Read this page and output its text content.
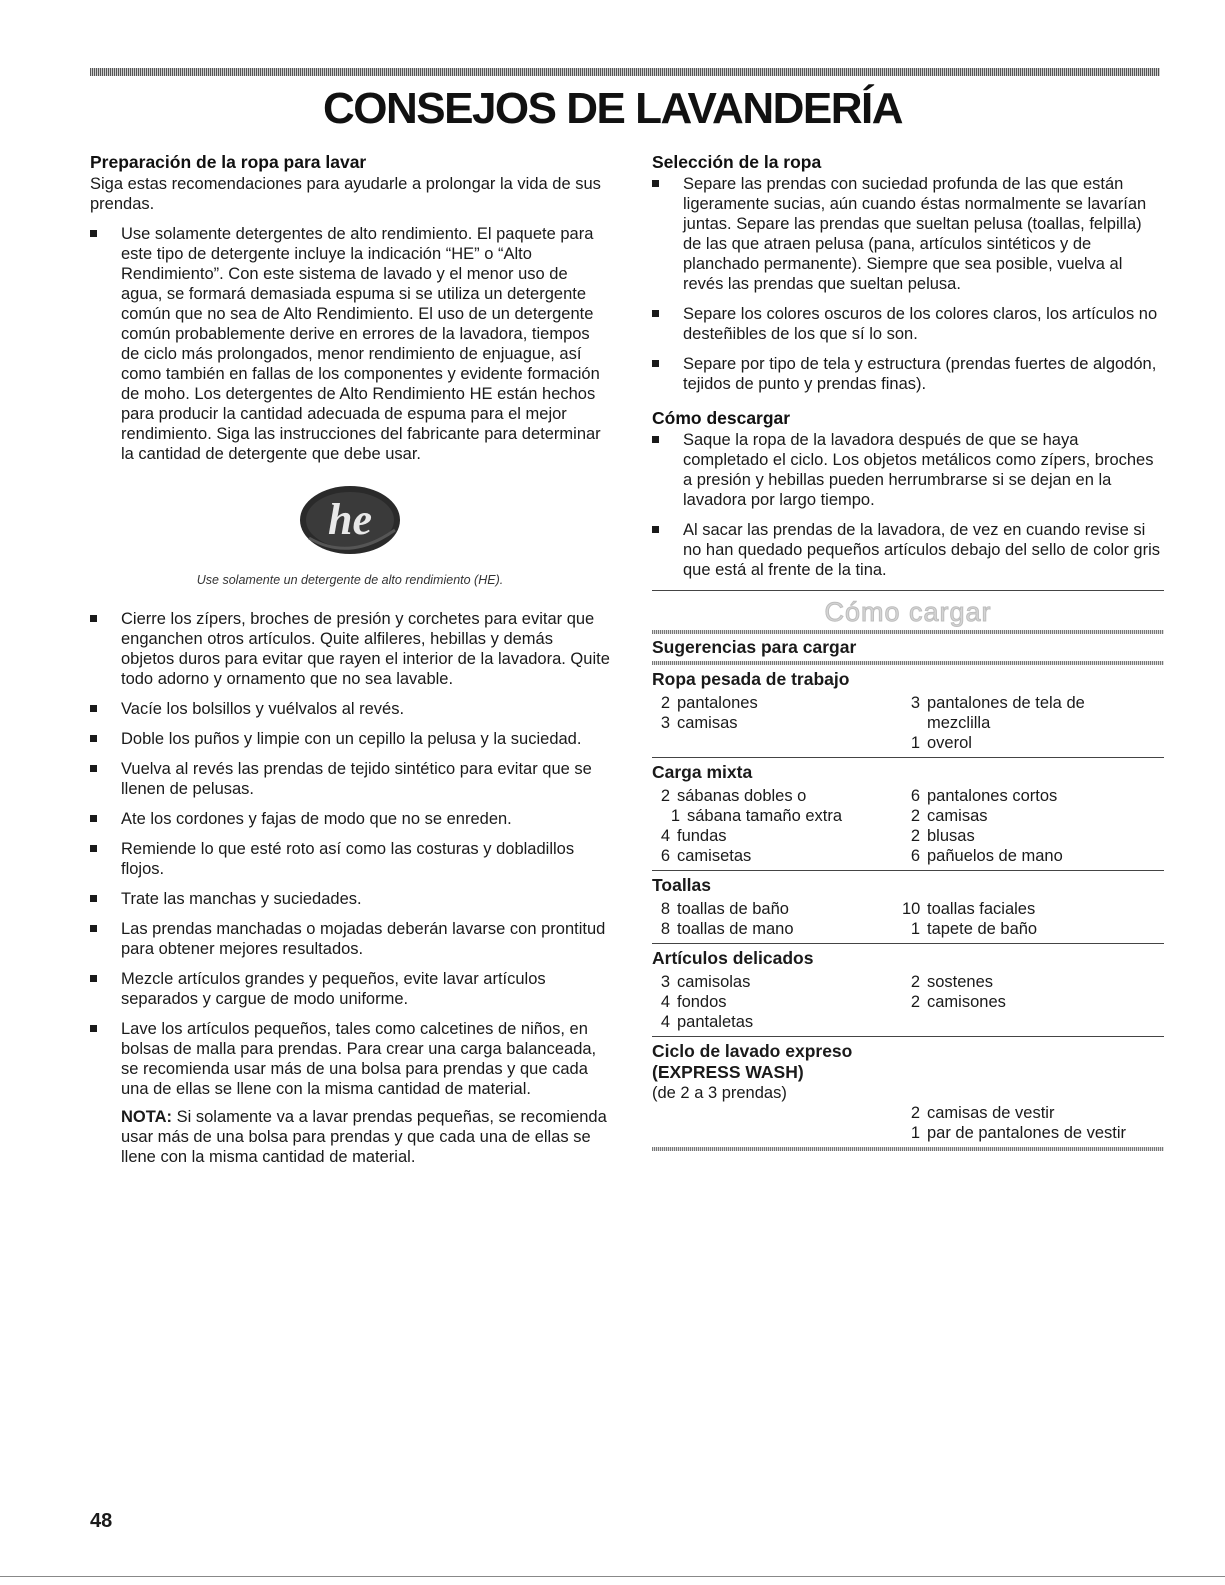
CONSEJOS DE LAVANDERÍA
Preparación de la ropa para lavar

Siga estas recomendaciones para ayudarle a prolongar la vida de sus prendas.

Use solamente detergentes de alto rendimiento. El paquete para este tipo de detergente incluye la indicación “HE” o “Alto Rendimiento”. Con este sistema de lavado y el menor uso de agua, se formará demasiada espuma si se utiliza un detergente común que no sea de Alto Rendimiento. El uso de un detergente común probablemente derive en errores de la lavadora, tiempos de ciclo más prolongados, menor rendimiento de enjuague, así como también en fallas de los componentes y evidente formación de moho. Los detergentes de Alto Rendimiento HE están hechos para producir la cantidad adecuada de espuma para el mejor rendimiento. Siga las instrucciones del fabricante para determinar la cantidad de detergente que debe usar.
he
Use solamente un detergente de alto rendimiento (HE).
Cierre los zípers, broches de presión y corchetes para evitar que enganchen otros artículos. Quite alfileres, hebillas y demás objetos duros para evitar que rayen el interior de la lavadora. Quite todo adorno y ornamento que no sea lavable.
Vacíe los bolsillos y vuélvalos al revés.
Doble los puños y limpie con un cepillo la pelusa y la suciedad.
Vuelva al revés las prendas de tejido sintético para evitar que se llenen de pelusas.
Ate los cordones y fajas de modo que no se enreden.
Remiende lo que esté roto así como las costuras y dobladillos flojos.
Trate las manchas y suciedades.
Las prendas manchadas o mojadas deberán lavarse con prontitud para obtener mejores resultados.
Mezcle artículos grandes y pequeños, evite lavar artículos separados y cargue de modo uniforme.
Lave los artículos pequeños, tales como calcetines de niños, en bolsas de malla para prendas. Para crear una carga balanceada, se recomienda usar más de una bolsa para prendas y que cada una de ellas se llene con la misma cantidad de material.
NOTA: Si solamente va a lavar prendas pequeñas, se recomienda usar más de una bolsa para prendas y que cada una de ellas se llene con la misma cantidad de material.
Selección de la ropa
Separe las prendas con suciedad profunda de las que están ligeramente sucias, aún cuando éstas normalmente se lavarían juntas. Separe las prendas que sueltan pelusa (toallas, felpilla) de las que atraen pelusa (pana, artículos sintéticos y de planchado permanente). Siempre que sea posible, vuelva al revés las prendas que sueltan pelusa.
Separe los colores oscuros de los colores claros, los artículos no desteñibles de los que sí lo son.
Separe por tipo de tela y estructura (prendas fuertes de algodón, tejidos de punto y prendas finas).
Cómo descargar
Saque la ropa de la lavadora después de que se haya completado el ciclo. Los objetos metálicos como zípers, broches a presión y hebillas pueden herrumbrarse si se dejan en la lavadora por largo tiempo.
Al sacar las prendas de la lavadora, de vez en cuando revise si no han quedado pequeños artículos debajo del sello de color gris que está al frente de la tina.
Cómo cargar
Sugerencias para cargar
Ropa pesada de trabajo
2 pantalones
3 camisas
3 pantalones de tela de
mezclilla
1 overol
Carga mixta
2 sábanas dobles o
1 sábana tamaño extra
4 fundas
6 camisetas
6 pantalones cortos
2 camisas
2 blusas
6 pañuelos de mano
Toallas
8 toallas de baño
8 toallas de mano
10 toallas faciales
1 tapete de baño
Artículos delicados
3 camisolas
4 fondos
4 pantaletas
2 sostenes
2 camisones
Ciclo de lavado expreso
(EXPRESS WASH)
(de 2 a 3 prendas)
2 camisas de vestir
1 par de pantalones de vestir
48
